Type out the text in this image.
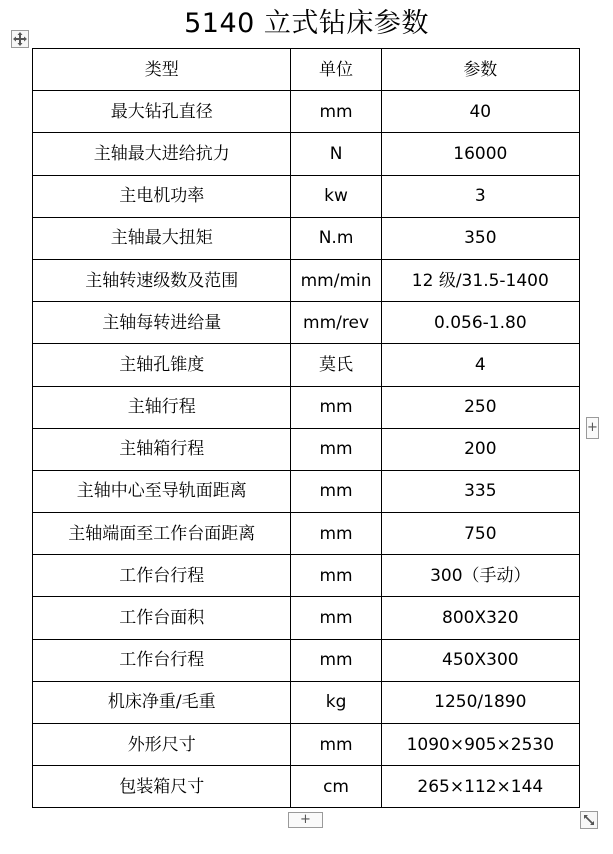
5140 立式钻床参数
类型	单位	参数
最大钻孔直径	mm	40
主轴最大进给抗力	N	16000
主电机功率	kw	3
主轴最大扭矩	N.m	350
主轴转速级数及范围	mm/min	12 级/31.5-1400
主轴每转进给量	mm/rev	0.056-1.80
主轴孔锥度	莫氏	4
主轴行程	mm	250
主轴箱行程	mm	200
主轴中心至导轨面距离	mm	335
主轴端面至工作台面距离	mm	750
工作台行程	mm	300（手动）
工作台面积	mm	800X320
工作台行程	mm	450X300
机床净重/毛重	kg	1250/1890
外形尺寸	mm	1090×905×2530
包装箱尺寸	cm	265×112×144
+
+
